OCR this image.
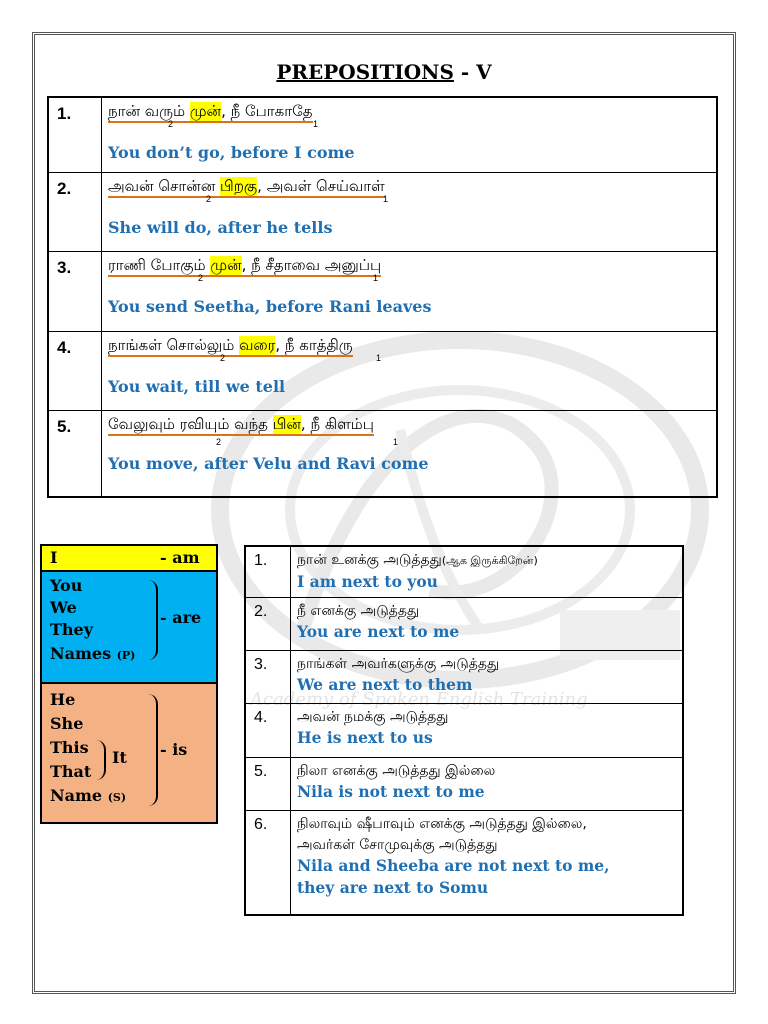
Academy of Spoken English Training
PREPOSITIONS - V
1.	நான் வரும் முன், நீ போகாதே
2 1
You don’t go, before I come

2.	அவன் சொன்ன பிறகு, அவள் செய்வாள்
2 1
She will do, after he tells

3.	ராணி போகும் முன், நீ சீதாவை அனுப்பு
2 1
You send Seetha, before Rani leaves

4.	நாங்கள் சொல்லும் வரை, நீ காத்திரு
2 1
You wait, till we tell

5.	வேலுவும் ரவியும் வந்த பின், நீ கிளம்பு
2 1
You move, after Velu and Ravi come
I	- am
You
We
They
Names (P)
- are
He
She
This
That
Name (S)
It - is
1.	நான் உனக்கு அடுத்தது(ஆக இருக்கிறேன்)
I am next to you

2.	நீ எனக்கு அடுத்தது
You are next to me

3.	நாங்கள் அவர்களுக்கு அடுத்தது
We are next to them

4.	அவன் நமக்கு அடுத்தது
He is next to us

5.	நிலா எனக்கு அடுத்தது இல்லை
Nila is not next to me

6.	நிலாவும் ஷீபாவும் எனக்கு அடுத்தது இல்லை,
அவர்கள் சோமுவுக்கு அடுத்தது
Nila and Sheeba are not next to me,
they are next to Somu
